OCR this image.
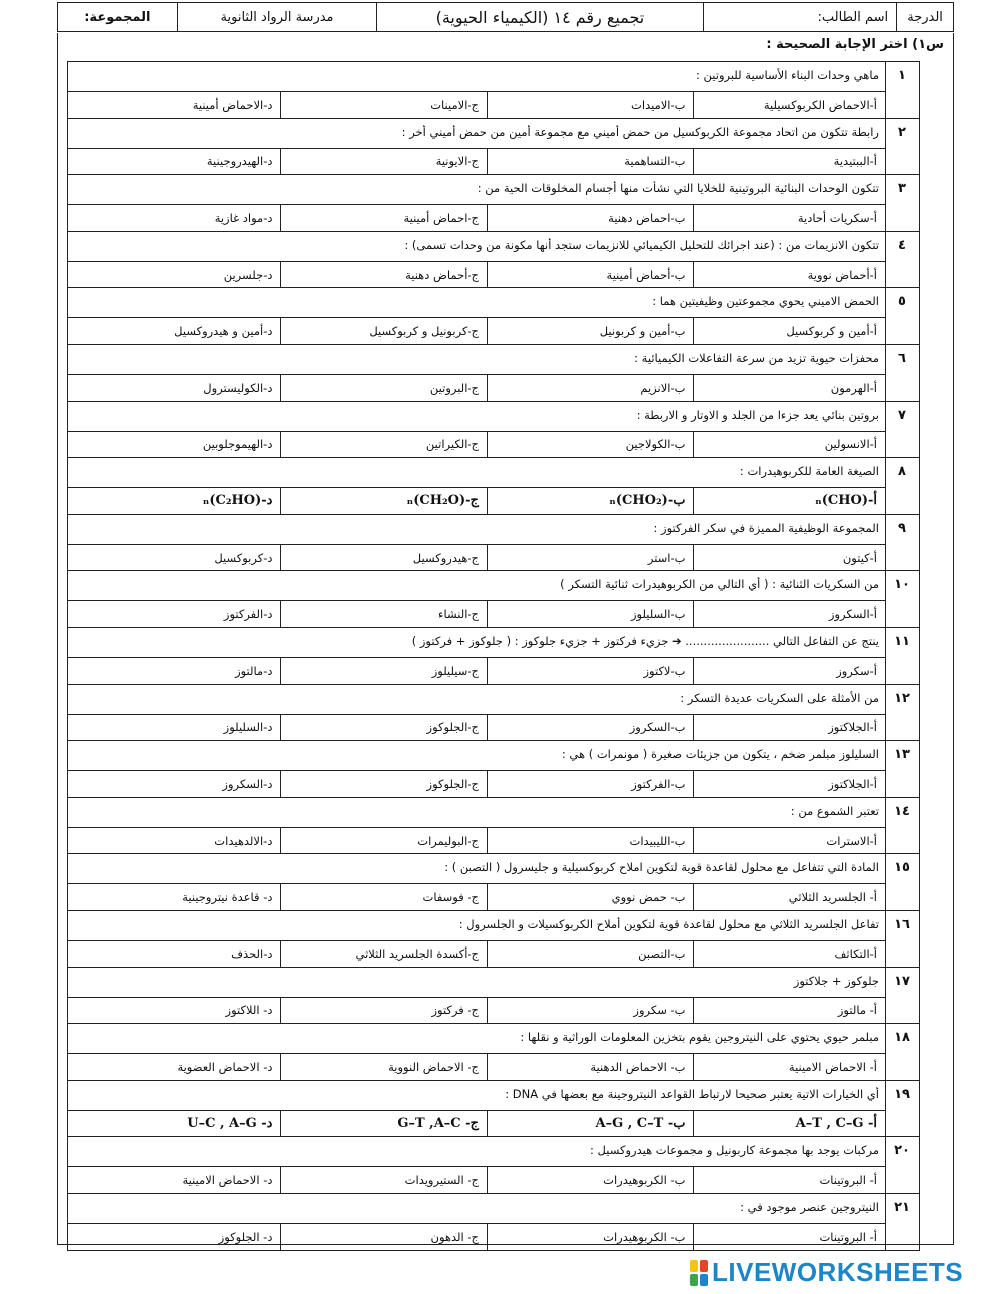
الدرجة
اسم الطالب:
تجميع رقم ١٤ (الكيمياء الحيوية)
مدرسة الرواد الثانوية
المجموعة:
س١) اختر الإجابة الصحيحة :
١
ماهي وحدات البناء الأساسية للبروتين :
أ-الاحماض الكربوكسيلية
ب-الاميدات
ج-الامينات
د-الاحماض أمينية
٢
رابطة تتكون من اتحاد مجموعة الكربوكسيل من حمض أميني مع مجموعة أمين من حمض أميني أخر :
أ-الببتيدية
ب-التساهمية
ج-الايونية
د-الهيدروجينية
٣
تتكون الوحدات البنائية البروتينية للخلايا التي نشأت منها أجسام المخلوقات الحية من :
أ-سكريات أحادية
ب-احماض دهنية
ج-احماض أمينية
د-مواد غازية
٤
تتكون الانزيمات من : (عند اجرائك للتحليل الكيميائي للانزيمات ستجد أنها مكونة من وحدات تسمى) :
أ-أحماض نووية
ب-أحماض أمينية
ج-أحماض دهنية
د-جلسرين
٥
الحمض الاميني يحوي مجموعتين وظيفيتين هما :
أ-أمين و كربوكسيل
ب-أمين و كربونيل
ج-كربونيل و كربوكسيل
د-أمين و هيدروكسيل
٦
محفزات حيوية تزيد من سرعة التفاعلات الكيميائية :
أ-الهرمون
ب-الانزيم
ج-البروتين
د-الكوليسترول
٧
بروتين بنائي يعد جزءا من الجلد و الاوتار و الاربطة :
أ-الانسولين
ب-الكولاجين
ج-الكيراتين
د-الهيموجلوبين
٨
الصيغة العامة للكربوهيدرات :
أ-(CHO)ₙ
ب-(CHO₂)ₙ
ج-(CH₂O)ₙ
د-(C₂HO)ₙ
٩
المجموعة الوظيفية المميزة في سكر الفركتوز :
أ-كيتون
ب-استر
ج-هيدروكسيل
د-كربوكسيل
١٠
من السكريات الثنائية : ( أي التالي من الكربوهيدرات ثنائية التسكر )
أ-السكروز
ب-السليلوز
ج-النشاء
د-الفركتوز
١١
ينتج عن التفاعل التالي ....................... ➔ جزيء فركتوز + جزيء جلوكوز : ( جلوكوز + فركتوز )
أ-سكروز
ب-لاكتوز
ج-سيليلوز
د-مالتوز
١٢
من الأمثلة على السكريات عديدة التسكر :
أ-الجلاكتوز
ب-السكروز
ج-الجلوكوز
د-السليلوز
١٣
السليلوز مبلمر ضخم ، يتكون من جزيئات صغيرة ( مونمرات ) هي :
أ-الجلاكتوز
ب-الفركتوز
ج-الجلوكوز
د-السكروز
١٤
تعتبر الشموع من :
أ-الاسترات
ب-الليبيدات
ج-البوليمرات
د-الالدهيدات
١٥
المادة التي تتفاعل مع محلول لقاعدة قوية لتكوين املاح كربوكسيلية و جليسرول ( التصبن ) :
أ- الجلسريد الثلاثي
ب- حمض نووي
ج- فوسفات
د- قاعدة نيتروجينية
١٦
تفاعل الجلسريد الثلاثي مع محلول لقاعدة قوية لتكوين أملاح الكربوكسيلات و الجلسرول :
أ-التكاثف
ب-التصبن
ج-أكسدة الجلسريد الثلاثي
د-الحذف
١٧
جلوكوز + جلاكتوز
أ- مالتوز
ب- سكروز
ج- فركتوز
د- اللاكتوز
١٨
مبلمر حيوي يحتوي على النيتروجين يقوم بتخزين المعلومات الوراثية و نقلها :
أ- الاحماض الامينية
ب- الاحماض الدهنية
ج- الاحماض النووية
د- الاحماض العضوية
١٩
أي الخيارات الاتية يعتبر صحيحا لارتباط القواعد النيتروجينة مع بعضها في DNA :
أ- A–T , C–G
ب- A–G , C–T
ج- G–T ,A–C
د- U–C , A–G
٢٠
مركبات يوجد بها مجموعة كاربونيل و مجموعات هيدروكسيل :
أ- البروتينات
ب- الكربوهيدرات
ج- الستيرويدات
د- الاحماض الامينية
٢١
النيتروجين عنصر موجود في :
أ- البروتينات
ب- الكربوهيدرات
ج- الدهون
د- الجلوكوز
LIVEWORKSHEETS
